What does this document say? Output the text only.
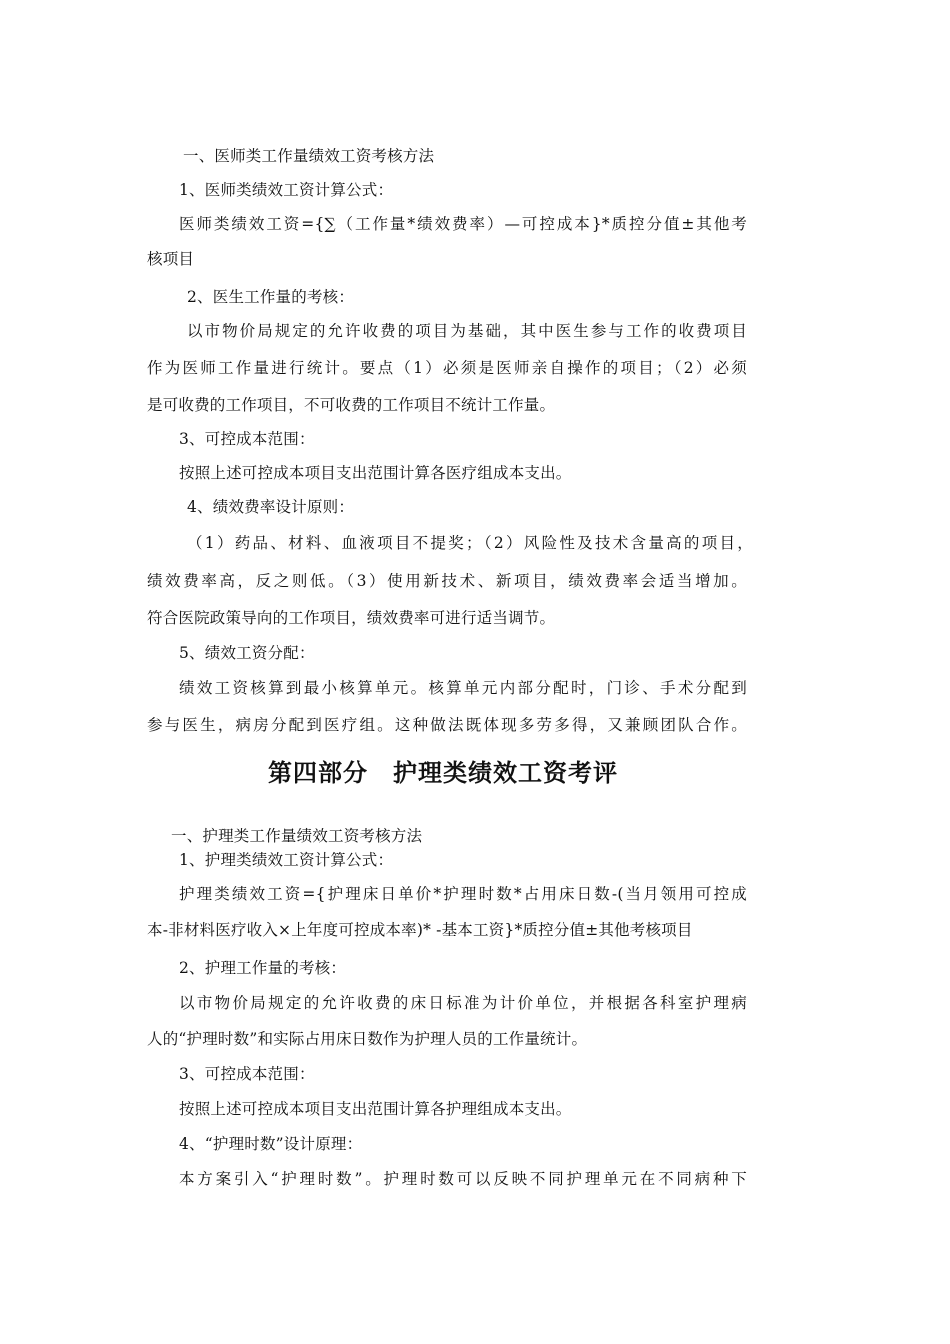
一、医师类工作量绩效工资考核方法
1、医师类绩效工资计算公式：
医师类绩效工资={∑（工作量*绩效费率）—可控成本}*质控分值±其他考
核项目
2、医生工作量的考核：
以市物价局规定的允许收费的项目为基础，其中医生参与工作的收费项目
作为医师工作量进行统计。要点（1）必须是医师亲自操作的项目；（2）必须
是可收费的工作项目，不可收费的工作项目不统计工作量。
3、可控成本范围：
按照上述可控成本项目支出范围计算各医疗组成本支出。
4、绩效费率设计原则：
（1）药品、材料、血液项目不提奖；（2）风险性及技术含量高的项目，
绩效费率高，反之则低。（3）使用新技术、新项目，绩效费率会适当增加。
符合医院政策导向的工作项目，绩效费率可进行适当调节。
5、绩效工资分配：
绩效工资核算到最小核算单元。核算单元内部分配时，门诊、手术分配到
参与医生，病房分配到医疗组。这种做法既体现多劳多得，又兼顾团队合作。
第四部分　护理类绩效工资考评
一、护理类工作量绩效工资考核方法
1、护理类绩效工资计算公式：
护理类绩效工资={护理床日单价*护理时数*占用床日数-(当月领用可控成
本-非材料医疗收入×上年度可控成本率)* -基本工资}*质控分值±其他考核项目
2、护理工作量的考核：
以市物价局规定的允许收费的床日标准为计价单位，并根据各科室护理病
人的“护理时数”和实际占用床日数作为护理人员的工作量统计。
3、可控成本范围：
按照上述可控成本项目支出范围计算各护理组成本支出。
4、“护理时数”设计原理：
本方案引入“护理时数”。护理时数可以反映不同护理单元在不同病种下
